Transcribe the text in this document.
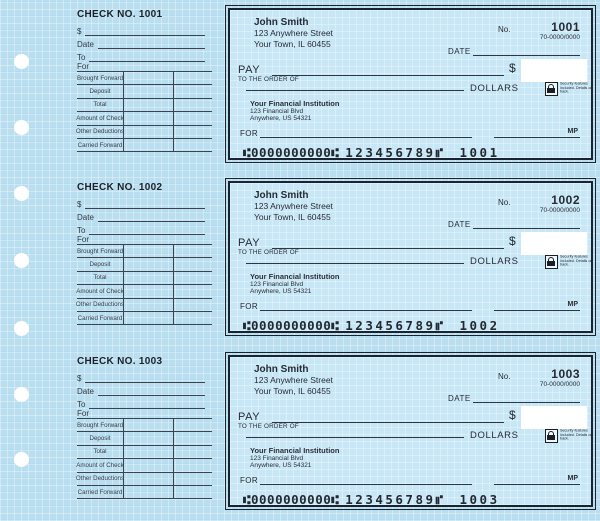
CHECK NO. 1001
$
Date
To
For
Brought Forward
Deposit
Total
Amount of Check
Other Deductions
Carried Forward
John Smith
123 Anywhere Street
Your Town, IL 60455
No.	1001
70-0000/0000
DATE
PAY
TO THE ORDER OF
$
DOLLARS	Security features included. Details on back.
Your Financial Institution
123 Financial Blvd
Anywhere, US 54321
FOR	MP
⑆0000000000⑆ 123456789⑈ 1001
CHECK NO. 1002
$
Date
To
For
Brought Forward
Deposit
Total
Amount of Check
Other Deductions
Carried Forward
John Smith
123 Anywhere Street
Your Town, IL 60455
No.	1002
70-0000/0000
DATE
PAY
TO THE ORDER OF
$
DOLLARS	Security features included. Details on back.
Your Financial Institution
123 Financial Blvd
Anywhere, US 54321
FOR	MP
⑆0000000000⑆ 123456789⑈ 1002
CHECK NO. 1003
$
Date
To
For
Brought Forward
Deposit
Total
Amount of Check
Other Deductions
Carried Forward
John Smith
123 Anywhere Street
Your Town, IL 60455
No.	1003
70-0000/0000
DATE
PAY
TO THE ORDER OF
$
DOLLARS	Security features included. Details on back.
Your Financial Institution
123 Financial Blvd
Anywhere, US 54321
FOR	MP
⑆0000000000⑆ 123456789⑈ 1003
